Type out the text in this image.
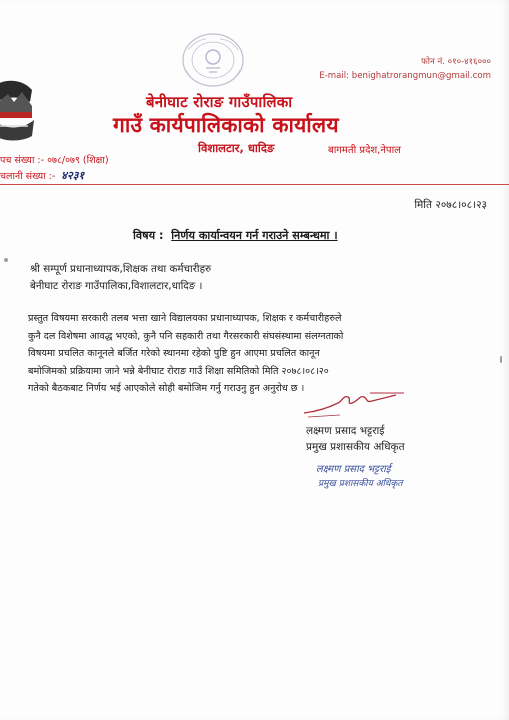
फोन नं. ०१०-४१६०००
E-mail: benighatrorangmun@gmail.com
बेनीघाट रोराङ गाउँपालिका
गाउँ कार्यपालिकाको कार्यालय
विशालटार, धादिङ	बागमती प्रदेश,नेपाल
पच संख्या :- ०७८/०७९ (शिक्षा)
चलानी संख्या :- ४२३१
मिति २०७८।०८।२३
विषय : निर्णय कार्यान्वयन गर्न गराउने सम्बन्धमा ।
श्री सम्पूर्ण प्रधानाध्यापक,शिक्षक तथा कर्मचारीहरु
बेनीघाट रोराङ गाउँपालिका,विशालटार,धादिङ ।
प्रस्तुत विषयमा सरकारी तलब भत्ता खाने विद्यालयका प्रधानाध्यापक, शिक्षक र कर्मचारीहरुले
कुनै दल विशेषमा आवद्ध भएको, कुनै पनि सहकारी तथा गैरसरकारी संघसंस्थामा संलग्नताको
विषयमा प्रचलित कानूनले बर्जित गरेको स्थानमा रहेको पुष्टि हुन आएमा प्रचलित कानून
बमोजिमको प्रक्रियामा जाने भन्ने बेनीघाट रोराङ गाउँ शिक्षा समितिको मिति २०७८।०८।२०
गतेको बैठकबाट निर्णय भई आएकोले सोही बमोजिम गर्नु गराउनु हुन अनुरोध छ ।
लक्ष्मण प्रसाद भट्टराई
प्रमुख प्रशासकीय अधिकृत
लक्ष्मण प्रसाद भट्टराई
प्रमुख प्रशासकीय अधिकृत
